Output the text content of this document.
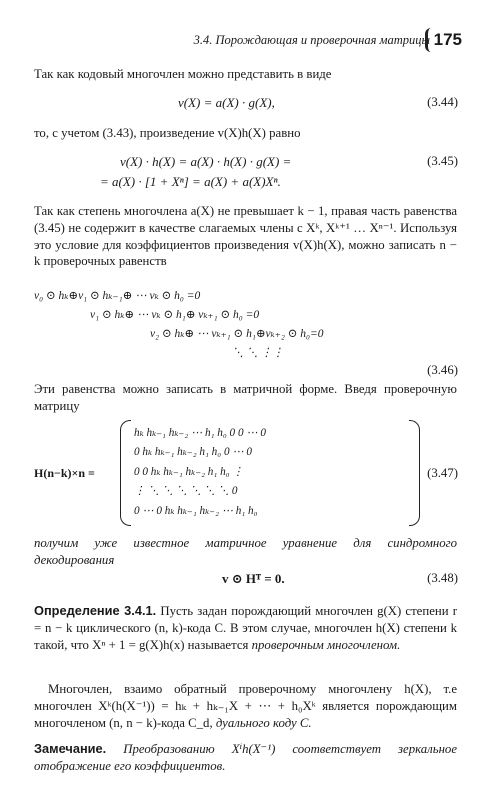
3.4. Порождающая и проверочная матрицы 175

Так как кодовый многочлен можно представить в виде

v(X) = a(X) · g(X),	(3.44)

то, с учетом (3.43), произведение v(X)h(X) равно

v(X) · h(X) = a(X) · h(X) · g(X) =	(3.45)
= a(X) · [1 + Xⁿ] = a(X) + a(X)Xⁿ.

Так как степень многочлена a(X) не превышает k − 1, правая часть равенства (3.45) не содержит в качестве слагаемых члены с Xᵏ, Xᵏ⁺¹ … Xⁿ⁻¹. Используя это условие для коэффициентов произведения v(X)h(X), можно записать n − k проверочных равенств

v₀ ⊙ hₖ⊕v₁ ⊙ hₖ₋₁⊕ ⋯ vₖ ⊙ h₀ =0
v₁ ⊙ hₖ⊕ ⋯ vₖ ⊙ h₁⊕ vₖ₊₁ ⊙ h₀ =0
v₂ ⊙ hₖ⊕ ⋯ vₖ₊₁ ⊙ h₁⊕vₖ₊₂ ⊙ h₀=0
⋱ ⋱ ⋮⋮
(3.46)

Эти равенства можно записать в матричной форме. Введя проверочную матрицу

H(n−k)×n =
hₖ hₖ₋₁ hₖ₋₂ ⋯ h₁ h₀ 0 0 ⋯ 0
0 hₖ hₖ₋₁ hₖ₋₂ h₁ h₀ 0 ⋯ 0
0 0 hₖ hₖ₋₁ hₖ₋₂ h₁ h₀ ⋮
⋮ ⋱ ⋱ ⋱ ⋱ ⋱ ⋱ 0
0 ⋯ 0 hₖ hₖ₋₁ hₖ₋₂ ⋯ h₁ h₀
(3.47)

получим уже известное матричное уравнение для синдромного декодирования

v ⊙ Hᵀ = 0.	(3.48)

Определение 3.4.1. Пусть задан порождающий многочлен g(X) степени r = n − k циклического (n, k)-кода C. В этом случае, многочлен h(X) степени k такой, что Xⁿ + 1 = g(X)h(x) называется проверочным многочленом.

Многочлен, взаимо обратный проверочному многочлену h(X), т.е многочлен Xᵏ(h(X⁻¹)) = hₖ + hₖ₋₁X + ⋯ + h₀Xᵏ является порождающим многочленом (n, n − k)-кода C_d, дуального коду C.

Замечание. Преобразованию Xⁱh(X⁻¹) соответствует зеркальное отображение его коэффициентов.
